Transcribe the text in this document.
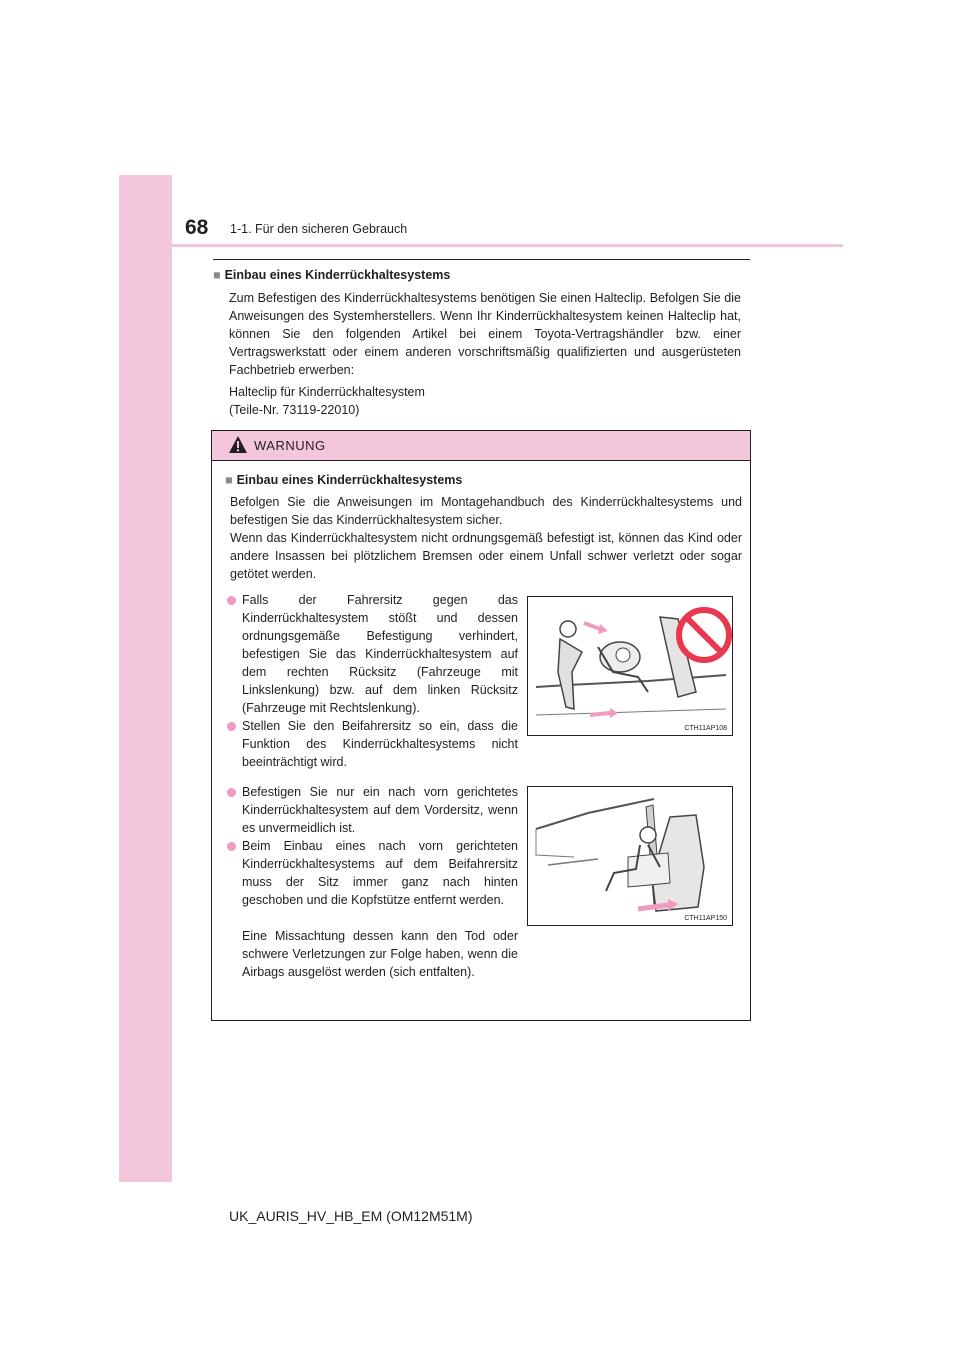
68 1-1. Für den sicheren Gebrauch
■ Einbau eines Kinderrückhaltesystems

Zum Befestigen des Kinderrückhaltesystems benötigen Sie einen Halteclip. Befolgen Sie die Anweisungen des Systemherstellers. Wenn Ihr Kinderrückhaltesystem keinen Halteclip hat, können Sie den folgenden Artikel bei einem Toyota-Vertragshändler bzw. einer Vertragswerkstatt oder einem anderen vorschriftsmäßig qualifizierten und ausgerüsteten Fachbetrieb erwerben:

Halteclip für Kinderrückhaltesystem

(Teile-Nr. 73119-22010)

WARNUNG
■ Einbau eines Kinderrückhaltesystems

Befolgen Sie die Anweisungen im Montagehandbuch des Kinderrückhaltesystems und befestigen Sie das Kinderrückhaltesystem sicher.

Wenn das Kinderrückhaltesystem nicht ordnungsgemäß befestigt ist, können das Kind oder andere Insassen bei plötzlichem Bremsen oder einem Unfall schwer verletzt oder sogar getötet werden.

Falls der Fahrersitz gegen das Kinderrückhaltesystem stößt und dessen ordnungsgemäße Befestigung verhindert, befestigen Sie das Kinderrückhaltesystem auf dem rechten Rücksitz (Fahrzeuge mit Linkslenkung) bzw. auf dem linken Rücksitz (Fahrzeuge mit Rechtslenkung).

Stellen Sie den Beifahrersitz so ein, dass die Funktion des Kinderrückhaltesystems nicht beeinträchtigt wird.

Befestigen Sie nur ein nach vorn gerichtetes Kinderrückhaltesystem auf dem Vordersitz, wenn es unvermeidlich ist.

Beim Einbau eines nach vorn gerichteten Kinderrückhaltesystems auf dem Beifahrersitz muss der Sitz immer ganz nach hinten geschoben und die Kopfstütze entfernt werden.

Eine Missachtung dessen kann den Tod oder schwere Verletzungen zur Folge haben, wenn die Airbags ausgelöst werden (sich entfalten).

CTH11AP108
CTH11AP150
UK_AURIS_HV_HB_EM (OM12M51M)
